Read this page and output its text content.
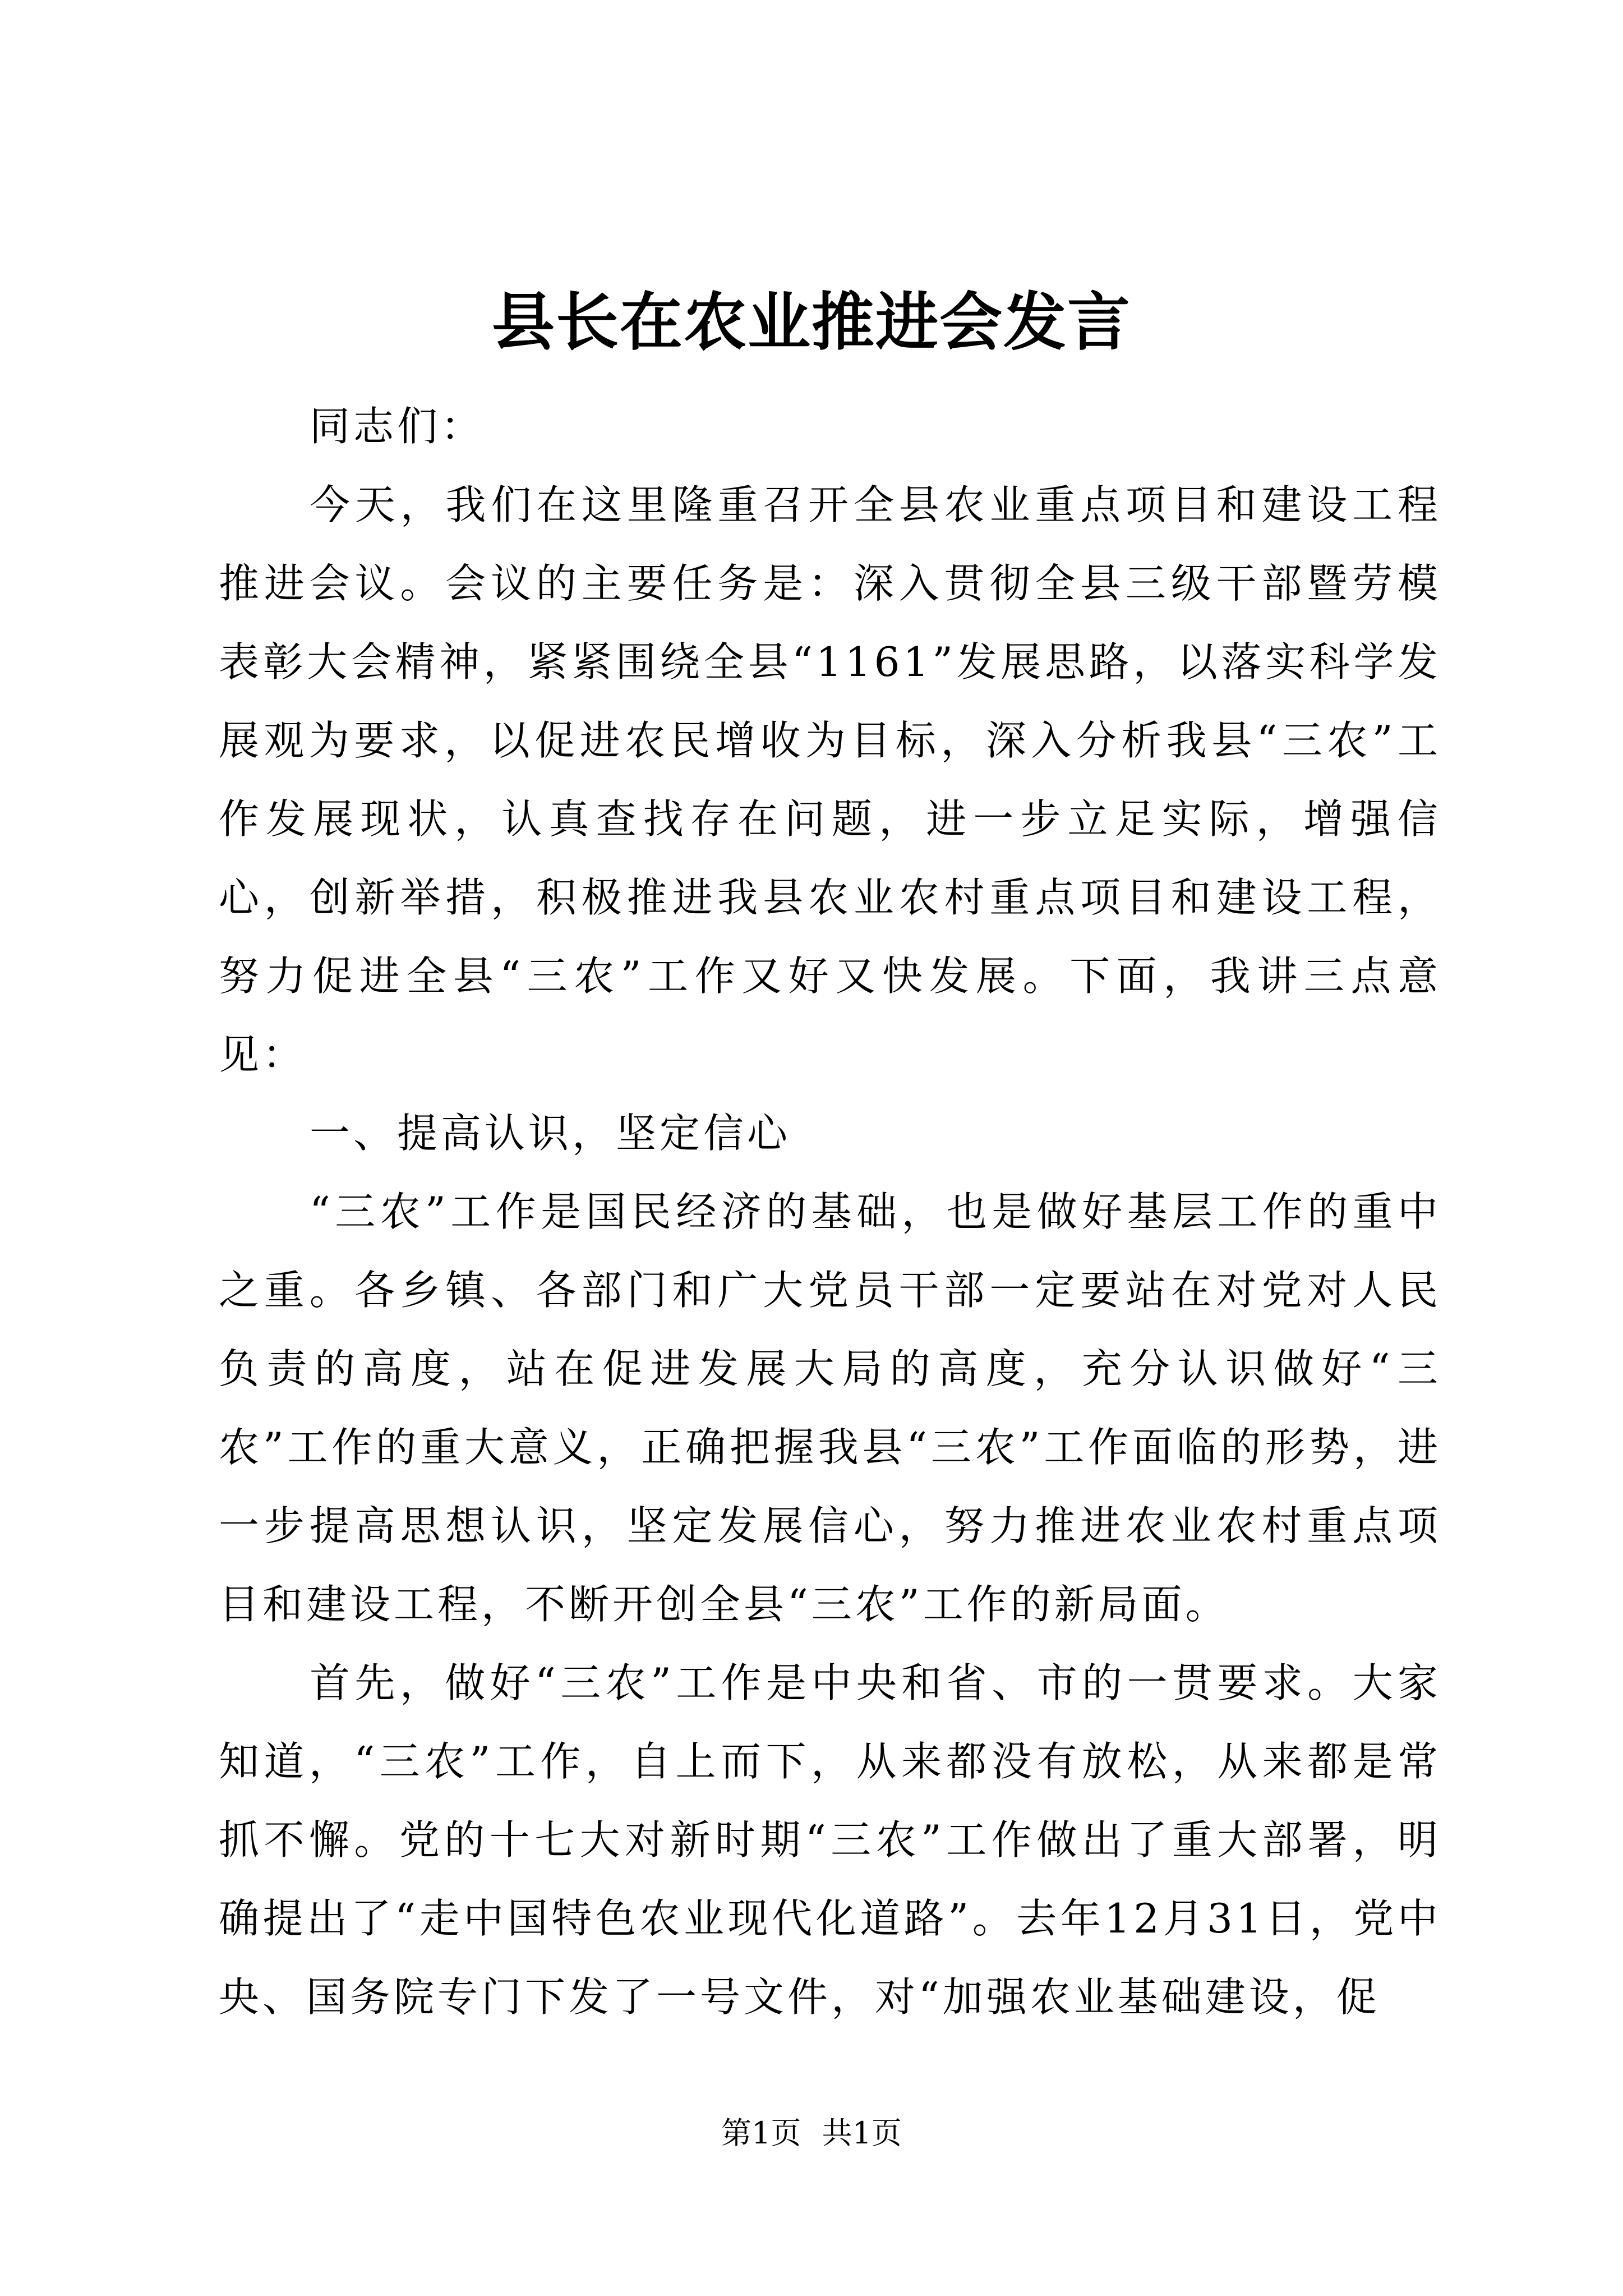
县长在农业推进会发言

同志们：

今天，我们在这里隆重召开全县农业重点项目和建设工程推进会议。会议的主要任务是：深入贯彻全县三级干部暨劳模表彰大会精神，紧紧围绕全县“1161”发展思路，以落实科学发展观为要求，以促进农民增收为目标，深入分析我县“三农”工作发展现状，认真查找存在问题，进一步立足实际，增强信心，创新举措，积极推进我县农业农村重点项目和建设工程，努力促进全县“三农”工作又好又快发展。下面，我讲三点意见：

一、提高认识，坚定信心

“三农”工作是国民经济的基础，也是做好基层工作的重中之重。各乡镇、各部门和广大党员干部一定要站在对党对人民负责的高度，站在促进发展大局的高度，充分认识做好“三农”工作的重大意义，正确把握我县“三农”工作面临的形势，进一步提高思想认识，坚定发展信心，努力推进农业农村重点项目和建设工程，不断开创全县“三农”工作的新局面。

首先，做好“三农”工作是中央和省、市的一贯要求。大家知道，“三农”工作，自上而下，从来都没有放松，从来都是常抓不懈。党的十七大对新时期“三农”工作做出了重大部署，明确提出了“走中国特色农业现代化道路”。去年12月31日，党中央、国务院专门下发了一号文件，对“加强农业基础建设，促

第1页 共1页
